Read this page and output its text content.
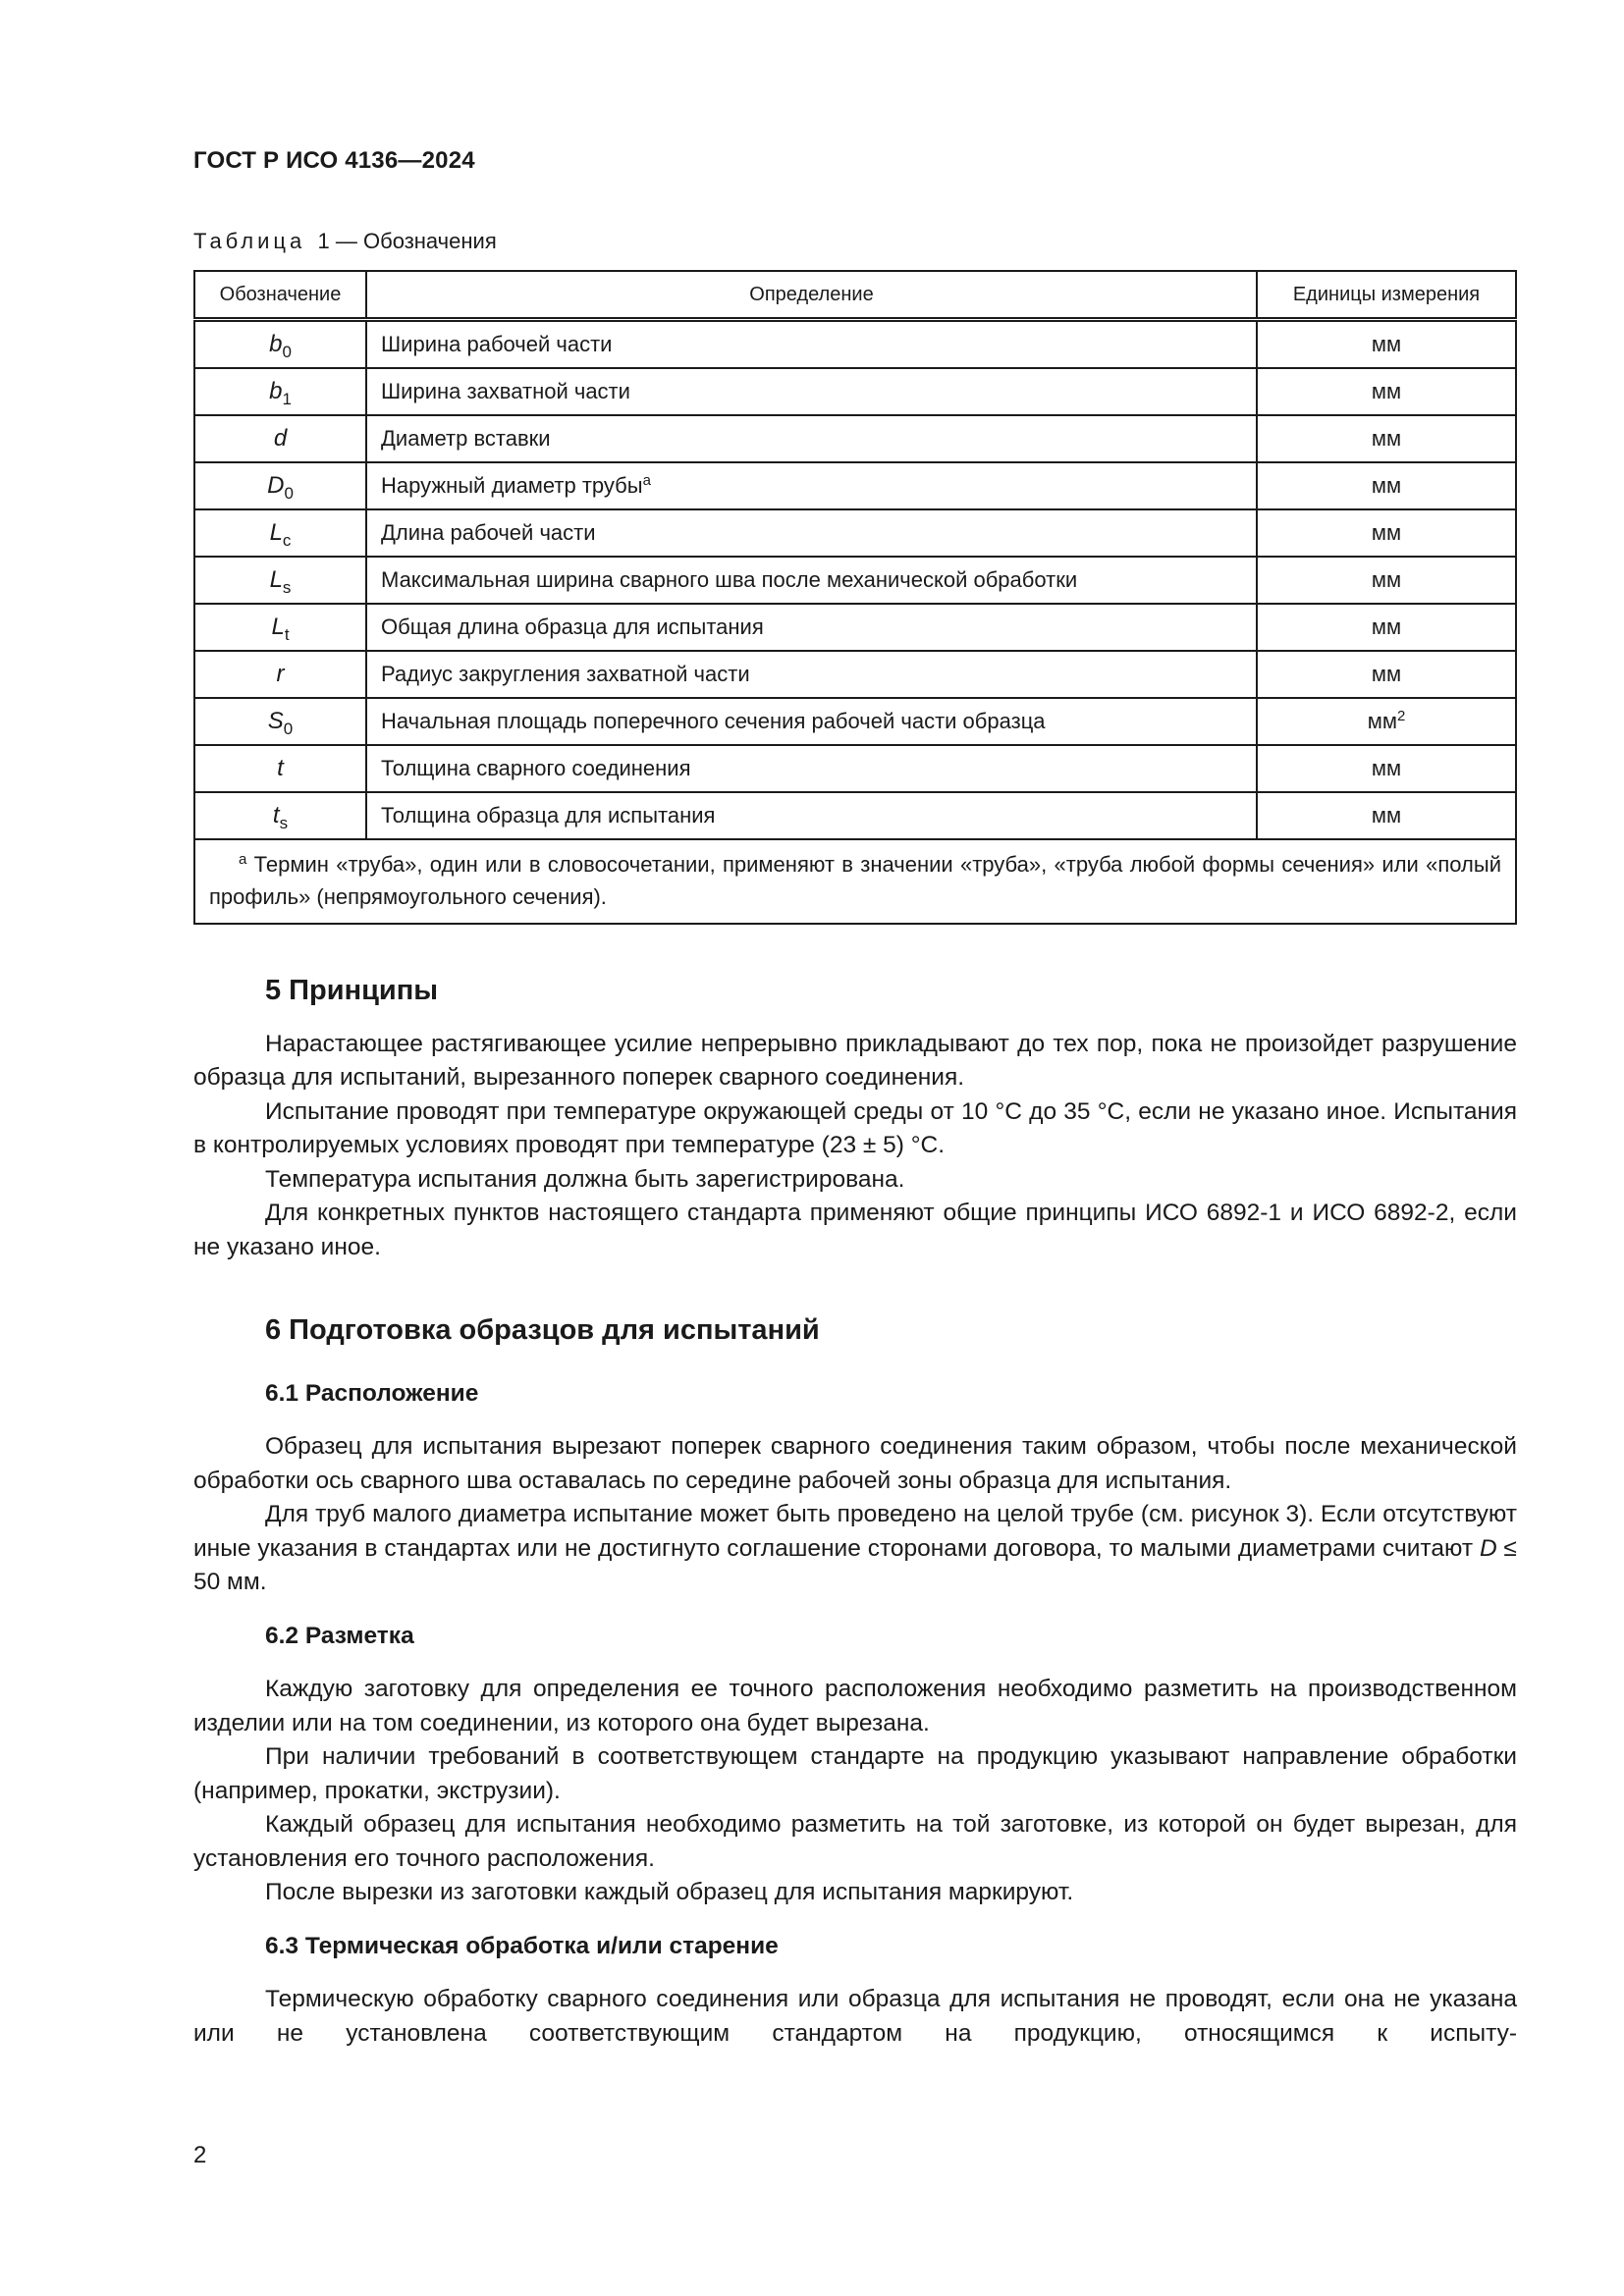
ГОСТ Р ИСО 4136—2024
Таблица 1 — Обозначения
Обозначение	Определение	Единицы измерения
$b_0$	Ширина рабочей части	мм
$b_1$	Ширина захватной части	мм
d	Диаметр вставки	мм
$D_0$	Наружный диаметр трубы$^a$	мм
$L_c$	Длина рабочей части	мм
$L_s$	Максимальная ширина сварного шва после механической обработки	мм
$L_t$	Общая длина образца для испытания	мм
r	Радиус закругления захватной части	мм
$S_0$	Начальная площадь поперечного сечения рабочей части образца	$мм^2$
t	Толщина сварного соединения	мм
$t_s$	Толщина образца для испытания	мм

$^a$ Термин «труба», один или в словосочетании, применяют в значении «труба», «труба любой формы сечения» или «полый профиль» (непрямоугольного сечения).		
5 Принципы

Нарастающее растягивающее усилие непрерывно прикладывают до тех пор, пока не произойдет разрушение образца для испытаний, вырезанного поперек сварного соединения.

Испытание проводят при температуре окружающей среды от 10 °С до 35 °С, если не указано иное. Испытания в контролируемых условиях проводят при температуре (23 ± 5) °С.

Температура испытания должна быть зарегистрирована.

Для конкретных пунктов настоящего стандарта применяют общие принципы ИСО 6892-1 и ИСО 6892-2, если не указано иное.

6 Подготовка образцов для испытаний
6.1 Расположение

Образец для испытания вырезают поперек сварного соединения таким образом, чтобы после механической обработки ось сварного шва оставалась по середине рабочей зоны образца для испытания.

Для труб малого диаметра испытание может быть проведено на целой трубе (см. рисунок 3). Если отсутствуют иные указания в стандартах или не достигнуто соглашение сторонами договора, то малыми диаметрами считают D ≤ 50 мм.

6.2 Разметка

Каждую заготовку для определения ее точного расположения необходимо разметить на производственном изделии или на том соединении, из которого она будет вырезана.

При наличии требований в соответствующем стандарте на продукцию указывают направление обработки (например, прокатки, экструзии).

Каждый образец для испытания необходимо разметить на той заготовке, из которой он будет вырезан, для установления его точного расположения.

После вырезки из заготовки каждый образец для испытания маркируют.

6.3 Термическая обработка и/или старение

Термическую обработку сварного соединения или образца для испытания не проводят, если она не указана или не установлена соответствующим стандартом на продукцию, относящимся к испыту-

2
